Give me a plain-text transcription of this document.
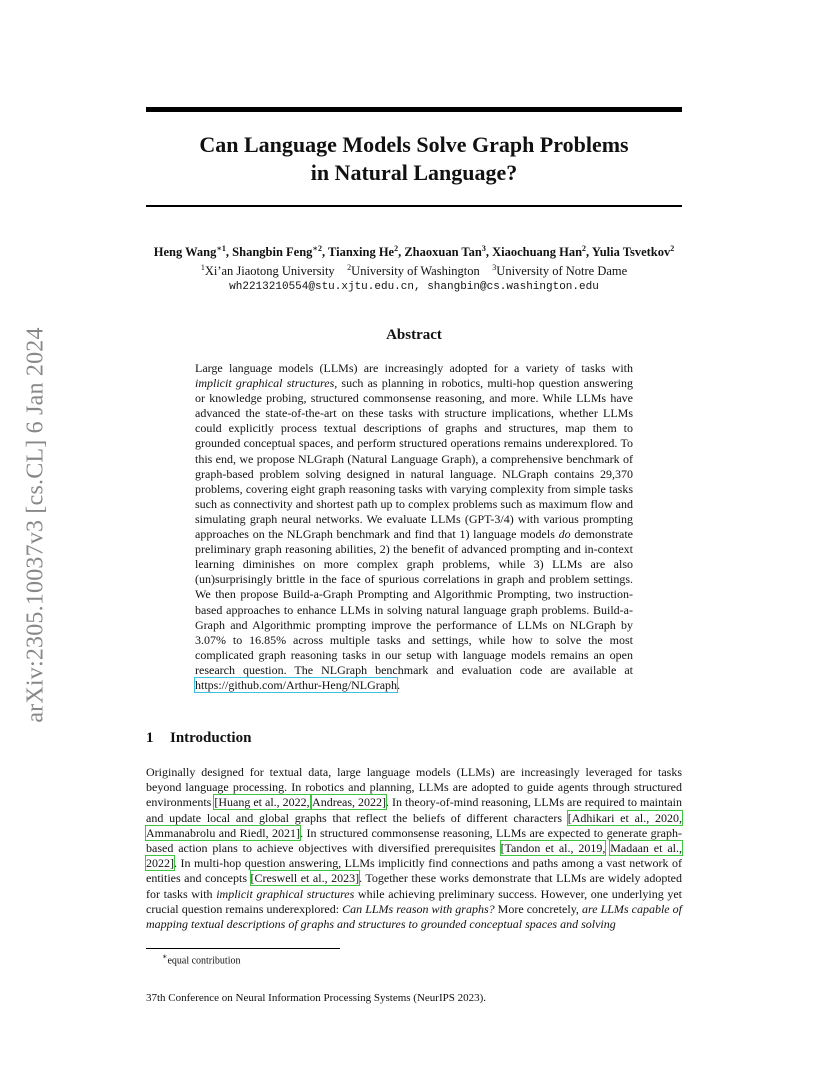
arXiv:2305.10037v3 [cs.CL] 6 Jan 2024
Can Language Models Solve Graph Problems
in Natural Language?
Heng Wang$^{∗1}$, Shangbin Feng$^{∗2}$, Tianxing He$^2$, Zhaoxuan Tan$^3$, Xiaochuang Han$^2$, Yulia Tsvetkov$^2$
$^1$Xi’an Jiaotong University $^2$University of Washington $^3$University of Notre Dame
wh2213210554@stu.xjtu.edu.cn, shangbin@cs.washington.edu
Abstract

Large language models (LLMs) are increasingly adopted for a variety of tasks with implicit graphical structures, such as planning in robotics, multi-hop question answering or knowledge probing, structured commonsense reasoning, and more. While LLMs have advanced the state-of-the-art on these tasks with structure implications, whether LLMs could explicitly process textual descriptions of graphs and structures, map them to grounded conceptual spaces, and perform structured operations remains underexplored. To this end, we propose NLGraph (Natural Language Graph), a comprehensive benchmark of graph-based problem solving designed in natural language. NLGraph contains 29,370 problems, covering eight graph reasoning tasks with varying complexity from simple tasks such as connectivity and shortest path up to complex problems such as maximum flow and simulating graph neural networks. We evaluate LLMs (GPT-3/4) with various prompting approaches on the NLGraph benchmark and find that 1) language models do demonstrate preliminary graph reasoning abilities, 2) the benefit of advanced prompting and in-context learning diminishes on more complex graph problems, while 3) LLMs are also (un)surprisingly brittle in the face of spurious correlations in graph and problem settings. We then propose Build-a-Graph Prompting and Algorithmic Prompting, two instruction-based approaches to enhance LLMs in solving natural language graph problems. Build-a-Graph and Algorithmic prompting improve the performance of LLMs on NLGraph by 3.07% to 16.85% across multiple tasks and settings, while how to solve the most complicated graph reasoning tasks in our setup with language models remains an open research question. The NLGraph benchmark and evaluation code are available at https://github.com/Arthur-Heng/NLGraph.

1 Introduction

Originally designed for textual data, large language models (LLMs) are increasingly leveraged for tasks beyond language processing. In robotics and planning, LLMs are adopted to guide agents through structured environments [Huang et al., 2022, Andreas, 2022]. In theory-of-mind reasoning, LLMs are required to maintain and update local and global graphs that reflect the beliefs of different characters [Adhikari et al., 2020, Ammanabrolu and Riedl, 2021]. In structured commonsense reasoning, LLMs are expected to generate graph-based action plans to achieve objectives with diversified prerequisites [Tandon et al., 2019, Madaan et al., 2022]. In multi-hop question answering, LLMs implicitly find connections and paths among a vast network of entities and concepts [Creswell et al., 2023]. Together these works demonstrate that LLMs are widely adopted for tasks with implicit graphical structures while achieving preliminary success. However, one underlying yet crucial question remains underexplored: Can LLMs reason with graphs? More concretely, are LLMs capable of mapping textual descriptions of graphs and structures to grounded conceptual spaces and solving

∗equal contribution

37th Conference on Neural Information Processing Systems (NeurIPS 2023).
